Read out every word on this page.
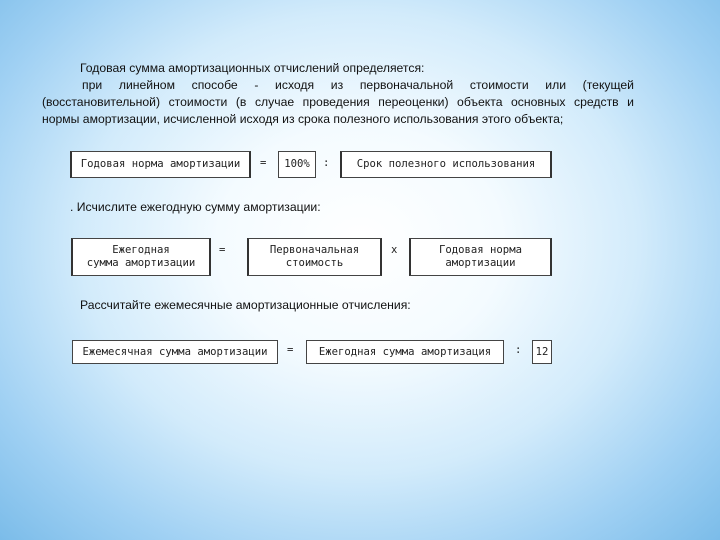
Годовая сумма амортизационных отчислений определяется:
при линейном способе - исходя из первоначальной стоимости или (текущей
(восстановительной) стоимости (в случае проведения переоценки) объекта основных средств и
нормы амортизации, исчисленной исходя из срока полезного использования этого объекта;
Годовая норма амортизации	=	100%	:	Срок полезного использования
. Исчислите ежегодную сумму амортизации:
Ежегодная
сумма амортизации
=	Первоначальная
стоимость
x	Годовая норма
амортизации
Рассчитайте ежемесячные амортизационные отчисления:
Ежемесячная сумма амортизации	=	Ежегодная сумма амортизация	:	12
